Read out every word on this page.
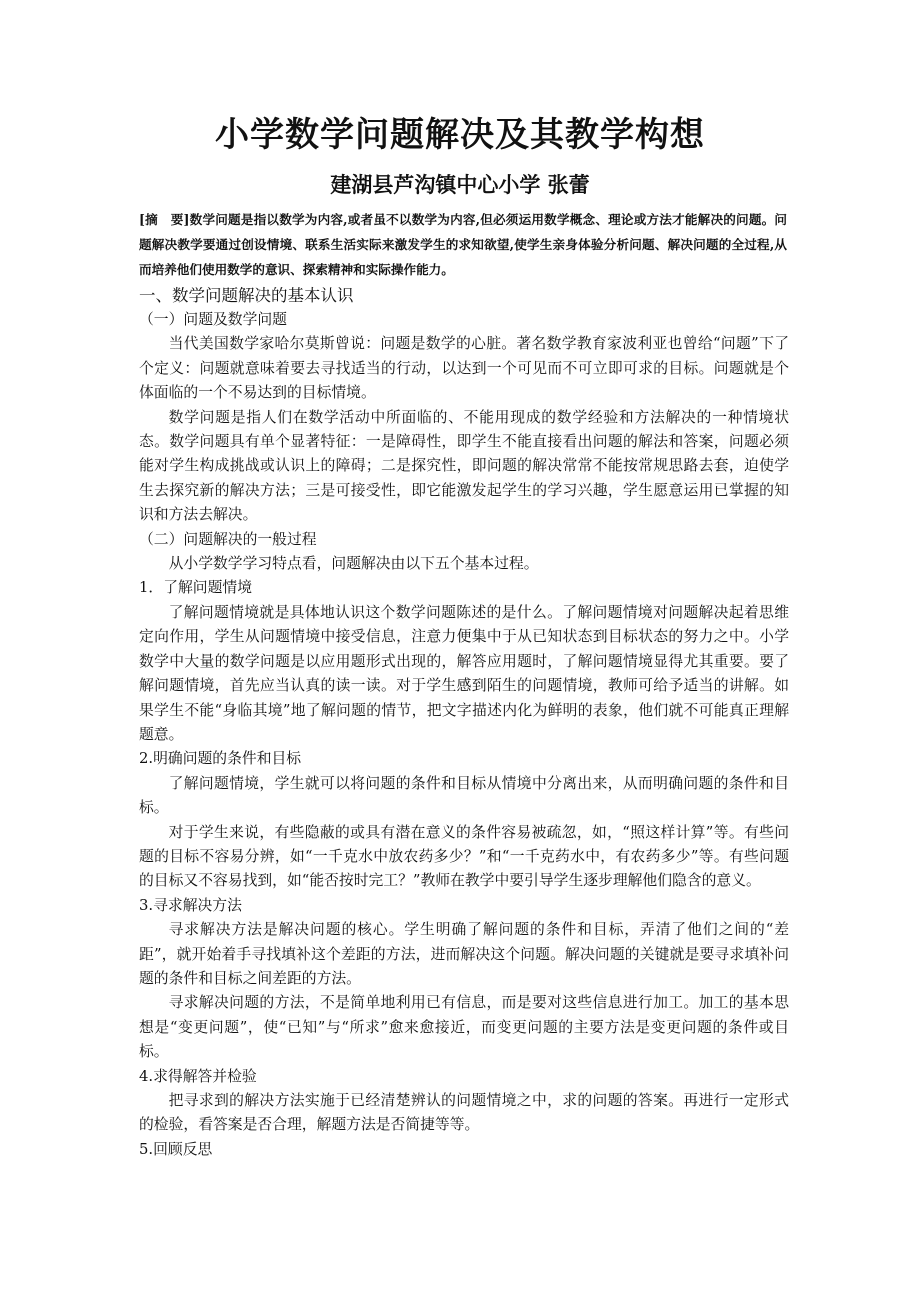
小学数学问题解决及其教学构想
建湖县芦沟镇中心小学 张蕾
[摘　要]数学问题是指以数学为内容,或者虽不以数学为内容,但必须运用数学概念、理论或方法才能解决的问题。问题解决教学要通过创设情境、联系生活实际来激发学生的求知欲望,使学生亲身体验分析问题、解决问题的全过程,从而培养他们使用数学的意识、探索精神和实际操作能力。

一、数学问题解决的基本认识

（一）问题及数学问题

当代美国数学家哈尔莫斯曾说：问题是数学的心脏。著名数学教育家波利亚也曾给“问题”下了个定义：问题就意味着要去寻找适当的行动，以达到一个可见而不可立即可求的目标。问题就是个体面临的一个不易达到的目标情境。

数学问题是指人们在数学活动中所面临的、不能用现成的数学经验和方法解决的一种情境状态。数学问题具有单个显著特征：一是障碍性，即学生不能直接看出问题的解法和答案，问题必须能对学生构成挑战或认识上的障碍；二是探究性，即问题的解决常常不能按常规思路去套，迫使学生去探究新的解决方法；三是可接受性，即它能激发起学生的学习兴趣，学生愿意运用已掌握的知识和方法去解决。

（二）问题解决的一般过程

从小学数学学习特点看，问题解决由以下五个基本过程。

1．了解问题情境

了解问题情境就是具体地认识这个数学问题陈述的是什么。了解问题情境对问题解决起着思维定向作用，学生从问题情境中接受信息，注意力便集中于从已知状态到目标状态的努力之中。小学数学中大量的数学问题是以应用题形式出现的，解答应用题时，了解问题情境显得尤其重要。要了解问题情境，首先应当认真的读一读。对于学生感到陌生的问题情境，教师可给予适当的讲解。如果学生不能“身临其境”地了解问题的情节，把文字描述内化为鲜明的表象，他们就不可能真正理解题意。

2.明确问题的条件和目标

了解问题情境，学生就可以将问题的条件和目标从情境中分离出来，从而明确问题的条件和目标。

对于学生来说，有些隐蔽的或具有潜在意义的条件容易被疏忽，如，“照这样计算”等。有些问题的目标不容易分辨，如“一千克水中放农药多少？”和“一千克药水中，有农药多少”等。有些问题的目标又不容易找到，如“能否按时完工？”教师在教学中要引导学生逐步理解他们隐含的意义。

3.寻求解决方法

寻求解决方法是解决问题的核心。学生明确了解问题的条件和目标，弄清了他们之间的“差距”，就开始着手寻找填补这个差距的方法，进而解决这个问题。解决问题的关键就是要寻求填补问题的条件和目标之间差距的方法。

寻求解决问题的方法，不是简单地利用已有信息，而是要对这些信息进行加工。加工的基本思想是“变更问题”，使“已知”与“所求”愈来愈接近，而变更问题的主要方法是变更问题的条件或目标。

4.求得解答并检验

把寻求到的解决方法实施于已经清楚辨认的问题情境之中，求的问题的答案。再进行一定形式的检验，看答案是否合理，解题方法是否简捷等等。

5.回顾反思
